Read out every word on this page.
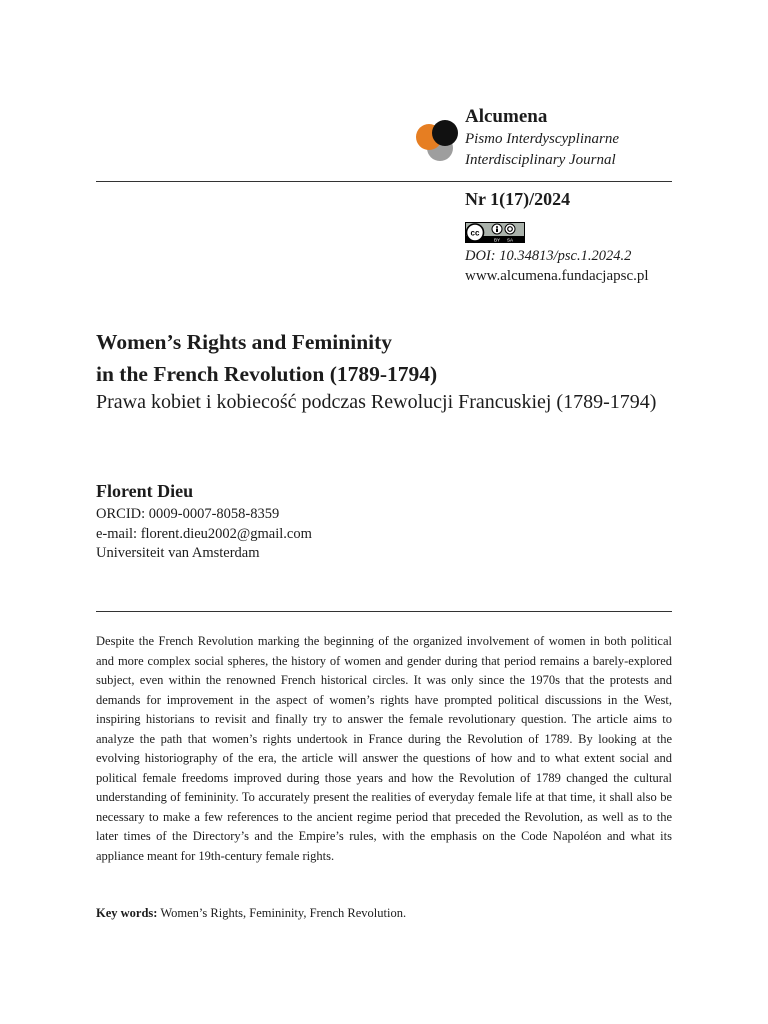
Alcumena
Pismo Interdyscyplinarne
Interdisciplinary Journal
Nr 1(17)/2024
cc
BY SA
DOI: 10.34813/psc.1.2024.2
www.alcumena.fundacjapsc.pl
Women’s Rights and Femininity
in the French Revolution (1789-1794)
Prawa kobiet i kobiecość podczas Rewolucji Francuskiej (1789-1794)
Florent Dieu
ORCID: 0009-0007-8058-8359
e-mail: florent.dieu2002@gmail.com
Universiteit van Amsterdam

Despite the French Revolution marking the beginning of the organized involvement of women in both political and more complex social spheres, the history of women and gender during that period remains a barely-explored subject, even within the renowned French historical circles. It was only since the 1970s that the protests and demands for improvement in the aspect of women’s rights have prompted political discussions in the West, inspiring historians to revisit and finally try to answer the female revolutionary question. The article aims to analyze the path that women’s rights undertook in France during the Revolution of 1789. By looking at the evolving historiography of the era, the article will answer the questions of how and to what extent social and political female freedoms improved during those years and how the Revolution of 1789 changed the cultural understanding of femininity. To accurately present the realities of everyday female life at that time, it shall also be necessary to make a few references to the ancient regime period that preceded the Revolution, as well as to the later times of the Directory’s and the Empire’s rules, with the emphasis on the Code Napoléon and what its appliance meant for 19th-century female rights.

Key words: Women’s Rights, Femininity, French Revolution.
